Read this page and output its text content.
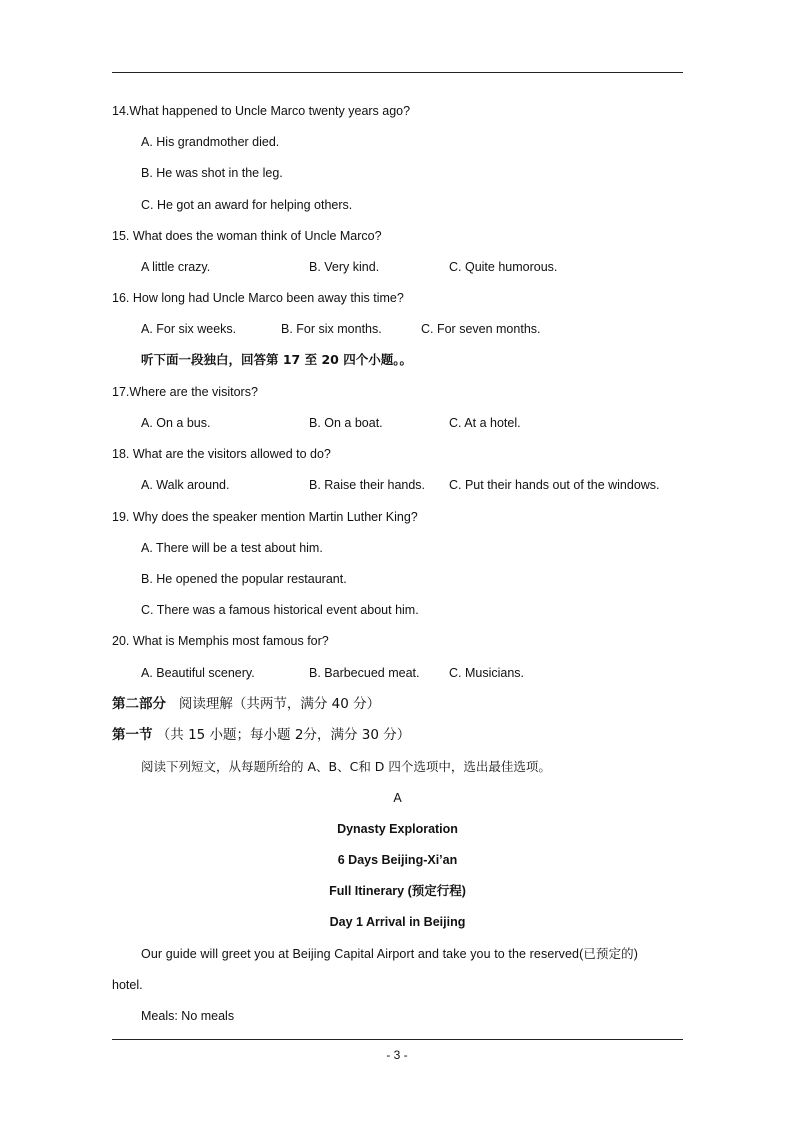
14.What happened to Uncle Marco twenty years ago?
A. His grandmother died.
B. He was shot in the leg.
C. He got an award for helping others.
15. What does the woman think of Uncle Marco?
A little crazy.	B. Very kind.	C. Quite humorous.
16. How long had Uncle Marco been away this time?
A. For six weeks.	B. For six months.	C. For seven months.
听下面一段独白，回答第 17 至 20 四个小题。。
17.Where are the visitors?
A. On a bus.	B. On a boat.	C. At a hotel.
18. What are the visitors allowed to do?
A. Walk around.	B. Raise their hands. C. Put their hands out of the windows.
19. Why does the speaker mention Martin Luther King?
A. There will be a test about him.
B. He opened the popular restaurant.
C. There was a famous historical event about him.
20. What is Memphis most famous for?
A. Beautiful scenery.	B. Barbecued meat. C. Musicians.
第二部分 阅读理解（共两节，满分 40 分）
第一节 （共 15 小题；每小题 2分，满分 30 分）
阅读下列短文，从每题所给的 A、B、C和 D 四个选项中，选出最佳选项。
A
Dynasty Exploration
6 Days Beijing-Xi’an
Full Itinerary (预定行程)
Day 1 Arrival in Beijing
Our guide will greet you at Beijing Capital Airport and take you to the reserved(已预定的)
hotel.
Meals: No meals
- 3 -
